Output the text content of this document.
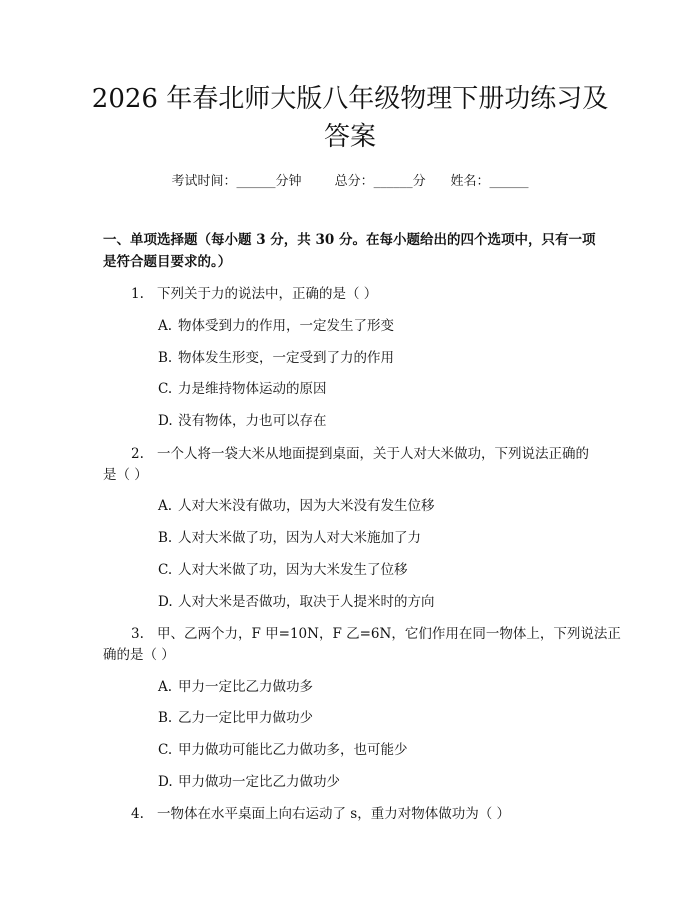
2026 年春北师大版八年级物理下册功练习及
答案
考试时间：______分钟	总分：______分 姓名：______
一、单项选择题（每小题 3 分，共 30 分。在每小题给出的四个选项中，只有一项
是符合题目要求的。）
1. 下列关于力的说法中，正确的是（ ）
A. 物体受到力的作用，一定发生了形变
B. 物体发生形变，一定受到了力的作用
C. 力是维持物体运动的原因
D. 没有物体，力也可以存在
2. 一个人将一袋大米从地面提到桌面，关于人对大米做功，下列说法正确的
是（ ）
A. 人对大米没有做功，因为大米没有发生位移
B. 人对大米做了功，因为人对大米施加了力
C. 人对大米做了功，因为大米发生了位移
D. 人对大米是否做功，取决于人提米时的方向
3. 甲、乙两个力，F 甲=10N，F 乙=6N，它们作用在同一物体上，下列说法正
确的是（ ）
A. 甲力一定比乙力做功多
B. 乙力一定比甲力做功少
C. 甲力做功可能比乙力做功多，也可能少
D. 甲力做功一定比乙力做功少
4. 一物体在水平桌面上向右运动了 s，重力对物体做功为（ ）
